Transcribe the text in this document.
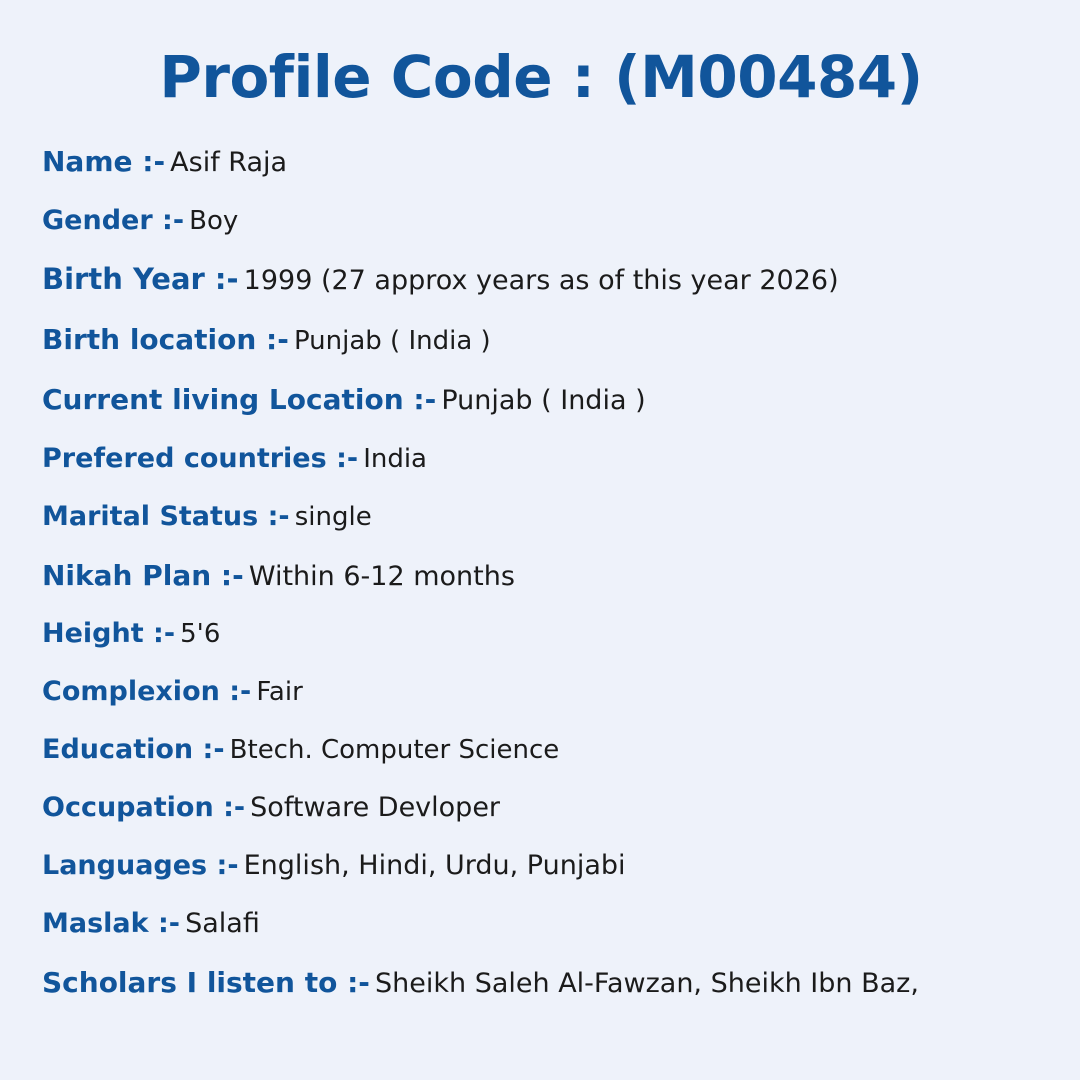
Profile Code : (M00484)
Name :- Asif Raja
Gender :- Boy
Birth Year :- 1999 (27 approx years as of this year 2026)
Birth location :- Punjab ( India )
Current living Location :- Punjab ( India )
Prefered countries :- India
Marital Status :- single
Nikah Plan :- Within 6-12 months
Height :- 5'6
Complexion :- Fair
Education :- Btech. Computer Science
Occupation :- Software Devloper
Languages :- English, Hindi, Urdu, Punjabi
Maslak :- Salafi
Scholars I listen to :- Sheikh Saleh Al-Fawzan, Sheikh Ibn Baz,
